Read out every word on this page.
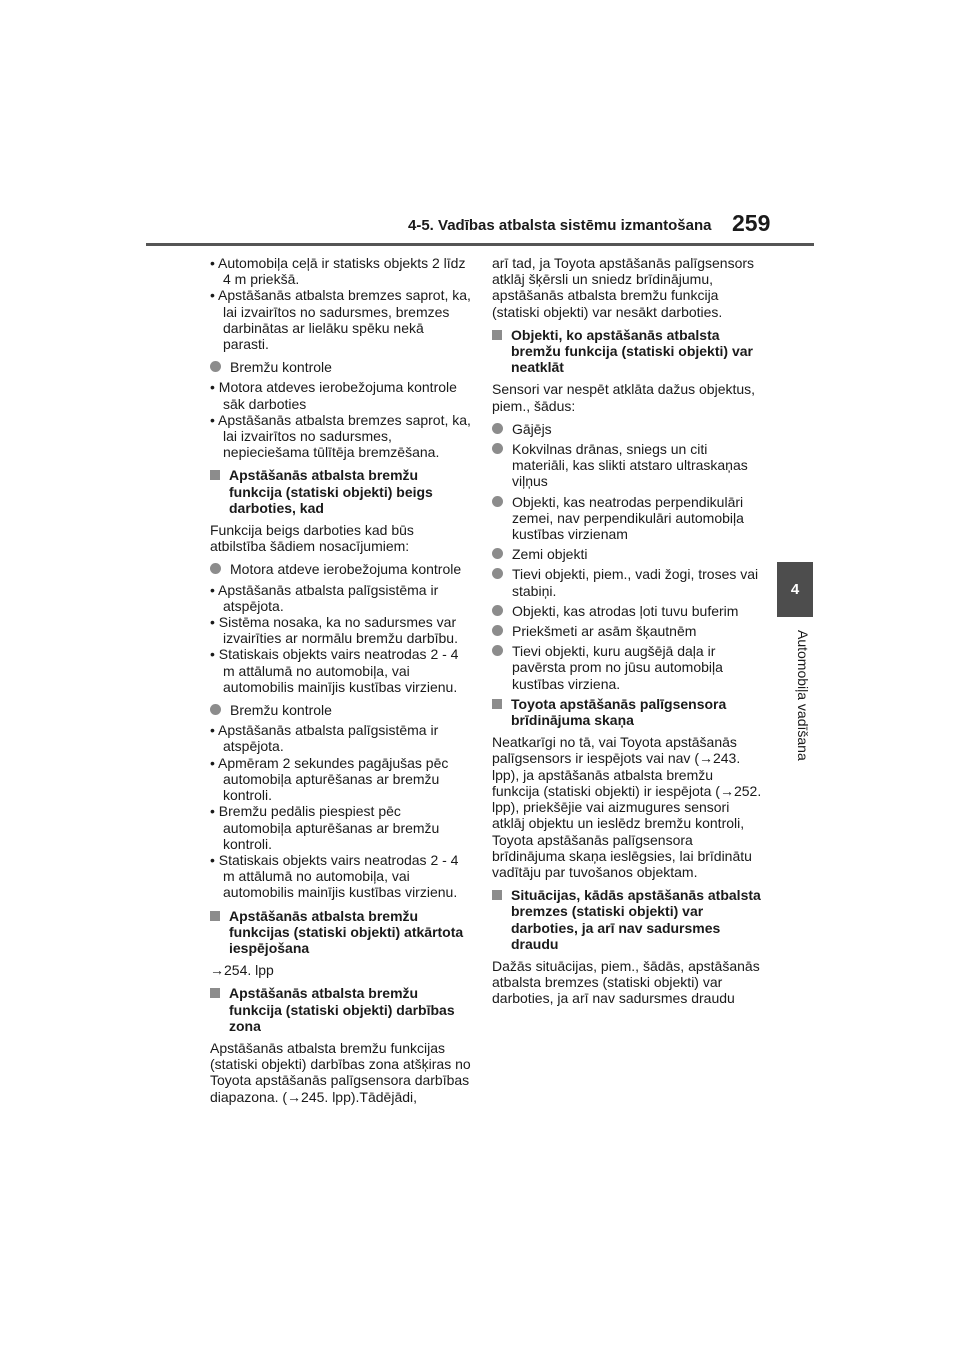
4-5. Vadības atbalsta sistēmu izmantošana 259
4
Automobiļa vadīšana
• Automobiļa ceļā ir statisks objekts 2 līdz 4 m priekšā.
• Apstāšanās atbalsta bremzes saprot, ka, lai izvairītos no sadursmes, bremzes darbinātas ar lielāku spēku nekā parasti.
Bremžu kontrole
• Motora atdeves ierobežojuma kontrole sāk darboties
• Apstāšanās atbalsta bremzes saprot, ka, lai izvairītos no sadursmes, nepieciešama tūlītēja bremzēšana.
Apstāšanās atbalsta bremžu funkcija (statiski objekti) beigs darboties, kad
Funkcija beigs darboties kad būs atbilstība šādiem nosacījumiem:
Motora atdeve ierobežojuma kontrole
• Apstāšanās atbalsta palīgsistēma ir atspējota.
• Sistēma nosaka, ka no sadursmes var izvairīties ar normālu bremžu darbību.
• Statiskais objekts vairs neatrodas 2 - 4 m attālumā no automobiļa, vai automobilis mainījis kustības virzienu.
Bremžu kontrole
• Apstāšanās atbalsta palīgsistēma ir atspējota.
• Apmēram 2 sekundes pagājušas pēc automobiļa apturēšanas ar bremžu kontroli.
• Bremžu pedālis piespiest pēc automobiļa apturēšanas ar bremžu kontroli.
• Statiskais objekts vairs neatrodas 2 - 4 m attālumā no automobiļa, vai automobilis mainījis kustības virzienu.
Apstāšanās atbalsta bremžu funkcijas (statiski objekti) atkārtota iespējošana
→254. lpp
Apstāšanās atbalsta bremžu funkcija (statiski objekti) darbības zona
Apstāšanās atbalsta bremžu funkcijas (statiski objekti) darbības zona atšķiras no Toyota apstāšanās palīgsensora darbības diapazona. (→245. lpp).Tādējādi,
arī tad, ja Toyota apstāšanās palīgsensors atklāj šķērsli un sniedz brīdinājumu, apstāšanās atbalsta bremžu funkcija (statiski objekti) var nesākt darboties.
Objekti, ko apstāšanās atbalsta bremžu funkcija (statiski objekti) var neatklāt
Sensori var nespēt atklāta dažus objektus, piem., šādus:
Gājējs
Kokvilnas drānas, sniegs un citi materiāli, kas slikti atstaro ultraskaņas viļņus
Objekti, kas neatrodas perpendikulāri zemei, nav perpendikulāri automobiļa kustības virzienam
Zemi objekti
Tievi objekti, piem., vadi žogi, troses vai stabiņi.
Objekti, kas atrodas ļoti tuvu buferim
Priekšmeti ar asām šķautnēm
Tievi objekti, kuru augšējā daļa ir pavērsta prom no jūsu automobiļa kustības virziena.
Toyota apstāšanās palīgsensora brīdinājuma skaņa
Neatkarīgi no tā, vai Toyota apstāšanās palīgsensors ir iespējots vai nav (→243. lpp), ja apstāšanās atbalsta bremžu funkcija (statiski objekti) ir iespējota (→252. lpp), priekšējie vai aizmugures sensori atklāj objektu un ieslēdz bremžu kontroli, Toyota apstāšanās palīgsensora brīdinājuma skaņa ieslēgsies, lai brīdinātu vadītāju par tuvošanos objektam.
Situācijas, kādās apstāšanās atbalsta bremzes (statiski objekti) var darboties, ja arī nav sadursmes draudu
Dažās situācijas, piem., šādās, apstāšanās atbalsta bremzes (statiski objekti) var darboties, ja arī nav sadursmes draudu
